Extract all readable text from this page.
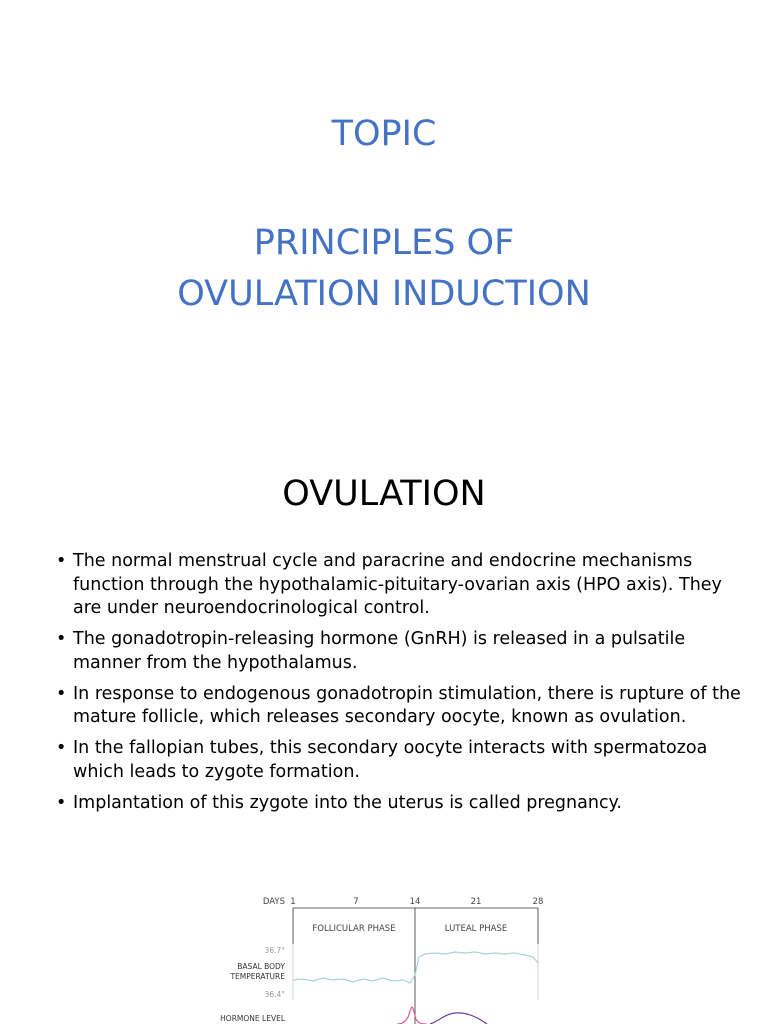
TOPIC
PRINCIPLES OF
OVULATION INDUCTION
OVULATION
• The normal menstrual cycle and paracrine and endocrine mechanisms function through the hypothalamic-pituitary-ovarian axis (HPO axis). They are under neuroendocrinological control.
• The gonadotropin-releasing hormone (GnRH) is released in a pulsatile manner from the hypothalamus.
• In response to endogenous gonadotropin stimulation, there is rupture of the mature follicle, which releases secondary oocyte, known as ovulation.
• In the fallopian tubes, this secondary oocyte interacts with spermatozoa which leads to zygote formation.
• Implantation of this zygote into the uterus is called pregnancy.
DAYS 1	7	14	21	28
FOLLICULAR PHASE	LUTEAL PHASE
36.7°
BASAL BODY
TEMPERATURE
36.4°
HORMONE LEVEL
